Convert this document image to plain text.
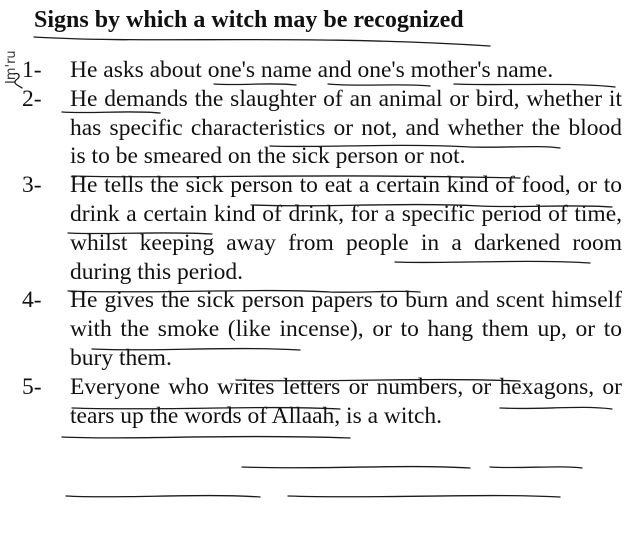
Im'ru
Signs by which a witch may be recognized
1-	He asks about one's name and one's mother's name.
2-	He demands the slaughter of an animal or bird, whether it has specific characteristics or not, and whether the blood is to be smeared on the sick person or not.
3-	He tells the sick person to eat a certain kind of food, or to drink a certain kind of drink, for a specific period of time, whilst keeping away from people in a darkened room during this period.
4-	He gives the sick person papers to burn and scent himself with the smoke (like incense), or to hang them up, or to bury them.
5-	Everyone who writes letters or numbers, or hexagons, or tears up the words of Allaah, is a witch.
